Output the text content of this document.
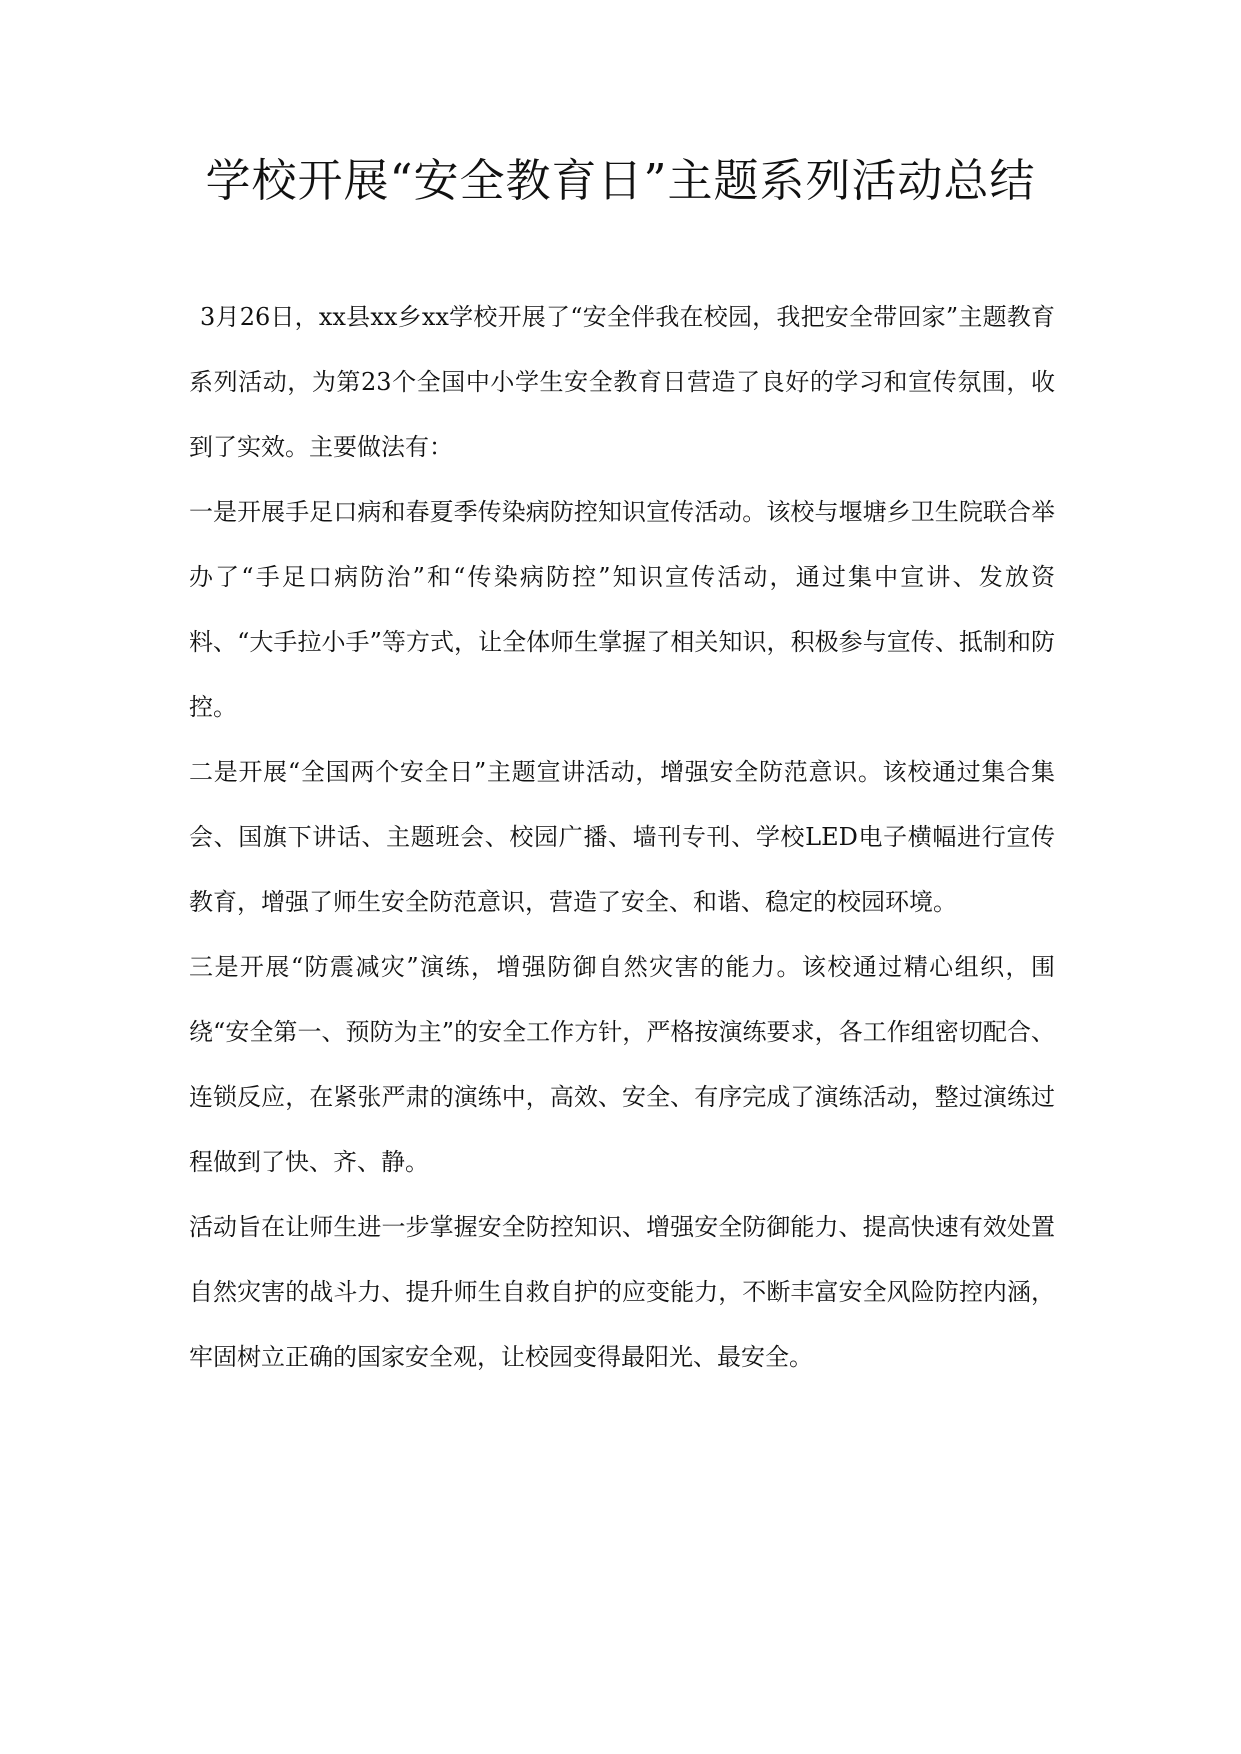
学校开展“安全教育日”主题系列活动总结

3月26日，xx县xx乡xx学校开展了“安全伴我在校园，我把安全带回家”主题教育系列活动，为第23个全国中小学生安全教育日营造了良好的学习和宣传氛围，收到了实效。主要做法有：

一是开展手足口病和春夏季传染病防控知识宣传活动。该校与堰塘乡卫生院联合举办了“手足口病防治”和“传染病防控”知识宣传活动，通过集中宣讲、发放资料、“大手拉小手”等方式，让全体师生掌握了相关知识，积极参与宣传、抵制和防控。

二是开展“全国两个安全日”主题宣讲活动，增强安全防范意识。该校通过集合集会、国旗下讲话、主题班会、校园广播、墙刊专刊、学校LED电子横幅进行宣传教育，增强了师生安全防范意识，营造了安全、和谐、稳定的校园环境。

三是开展“防震减灾”演练，增强防御自然灾害的能力。该校通过精心组织，围绕“安全第一、预防为主”的安全工作方针，严格按演练要求，各工作组密切配合、连锁反应，在紧张严肃的演练中，高效、安全、有序完成了演练活动，整过演练过程做到了快、齐、静。

活动旨在让师生进一步掌握安全防控知识、增强安全防御能力、提高快速有效处置自然灾害的战斗力、提升师生自救自护的应变能力，不断丰富安全风险防控内涵，牢固树立正确的国家安全观，让校园变得最阳光、最安全。
